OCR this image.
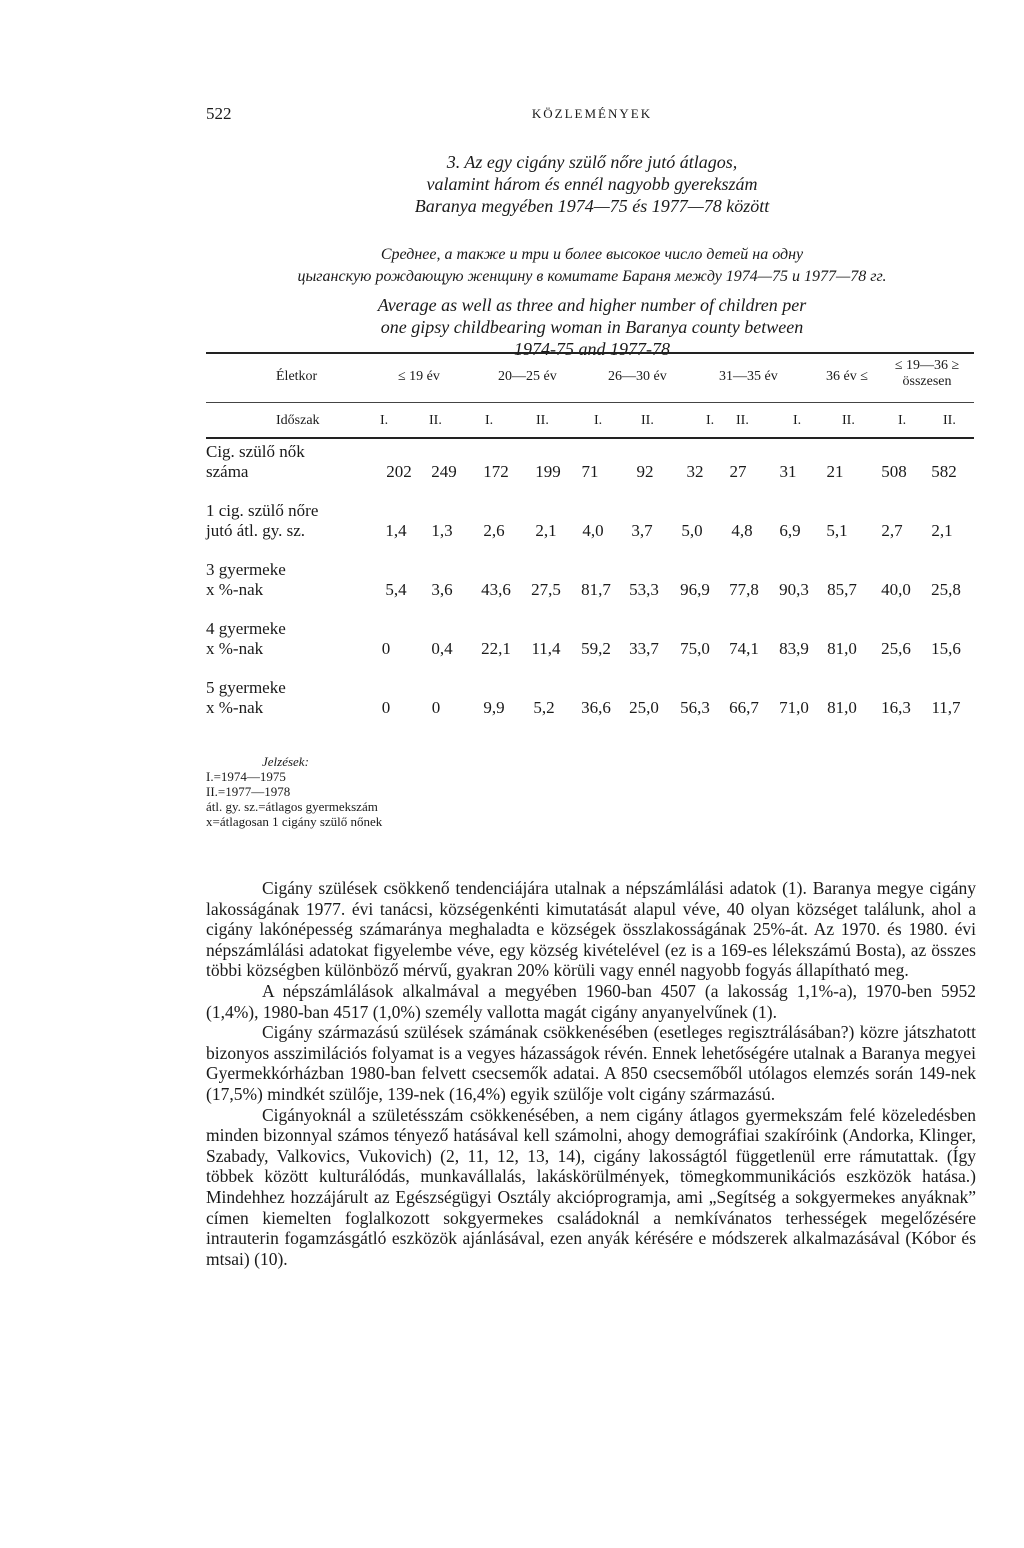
522	KÖZLEMÉNYEK
3. Az egy cigány szülő nőre jutó átlagos,
valamint három és ennél nagyobb gyerekszám
Baranya megyében 1974—75 és 1977—78 között
Среднее, а также и три и более высокое число детей на одну
цыганскую рождающую женщину в комитате Бараня между 1974—75 и 1977—78 гг.
Average as well as three and higher number of children per
one gipsy childbearing woman in Baranya county between
1974-75 and 1977-78
Életkor	≤ 19 év	20—25 év	26—30 év	31—35 év	36 év ≤
≤ 19—36 ≥
összesen
Időszak	I.	II.	I.	II.	I.	II.	I. II.	I.	II.	I.	II.
Cig. szülő nők
száma	202	249	172	199	71	92	32	27	31	21	508	582
1 cig. szülő nőre
jutó átl. gy. sz.	1,4	1,3	2,6	2,1	4,0	3,7	5,0	4,8	6,9	5,1	2,7	2,1
3 gyermeke
x %-nak	5,4	3,6	43,6	27,5	81,7	53,3	96,9	77,8	90,3	85,7	40,0	25,8
4 gyermeke
x %-nak	0	0,4	22,1	11,4	59,2	33,7	75,0	74,1	83,9	81,0	25,6	15,6
5 gyermeke
x %-nak	0	0	9,9	5,2	36,6	25,0	56,3	66,7	71,0	81,0	16,3	11,7
Jelzések:
I.=1974—1975
II.=1977—1978
átl. gy. sz.=átlagos gyermekszám
x=átlagosan 1 cigány szülő nőnek

Cigány szülések csökkenő tendenciájára utalnak a népszámlálási adatok (1). Baranya megye cigány lakosságának 1977. évi tanácsi, községenkénti kimutatását alapul véve, 40 olyan községet találunk, ahol a cigány lakónépesség számaránya meghaladta e községek összlakosságának 25%-át. Az 1970. és 1980. évi népszámlálási adatokat figyelembe véve, egy község kivételével (ez is a 169-es lélekszámú Bosta), az összes többi községben különböző mérvű, gyakran 20% körüli vagy ennél nagyobb fogyás állapítható meg.

A népszámlálások alkalmával a megyében 1960-ban 4507 (a lakosság 1,1%-a), 1970-ben 5952 (1,4%), 1980-ban 4517 (1,0%) személy vallotta magát cigány anyanyelvűnek (1).

Cigány származású szülések számának csökkenésében (esetleges regisztrálásában?) közre játszhatott bizonyos asszimilációs folyamat is a vegyes házasságok révén. Ennek lehetőségére utalnak a Baranya megyei Gyermekkórházban 1980-ban felvett csecsemők adatai. A 850 csecsemőből utólagos elemzés során 149-nek (17,5%) mindkét szülője, 139-nek (16,4%) egyik szülője volt cigány származású.

Cigányoknál a születésszám csökkenésében, a nem cigány átlagos gyermekszám felé közeledésben minden bizonnyal számos tényező hatásával kell számolni, ahogy demográfiai szakíróink (Andorka, Klinger, Szabady, Valkovics, Vukovich) (2, 11, 12, 13, 14), cigány lakosságtól függetlenül erre rámutattak. (Így többek között kulturálódás, munkavállalás, lakáskörülmények, tömegkommunikációs eszközök hatása.) Mindehhez hozzájárult az Egészségügyi Osztály akcióprogramja, ami „Segítség a sokgyermekes anyáknak” címen kiemelten foglalkozott sokgyermekes családoknál a nemkívánatos terhességek megelőzésére intrauterin fogamzásgátló eszközök ajánlásával, ezen anyák kérésére e módszerek alkalmazásával (Kóbor és mtsai) (10).
